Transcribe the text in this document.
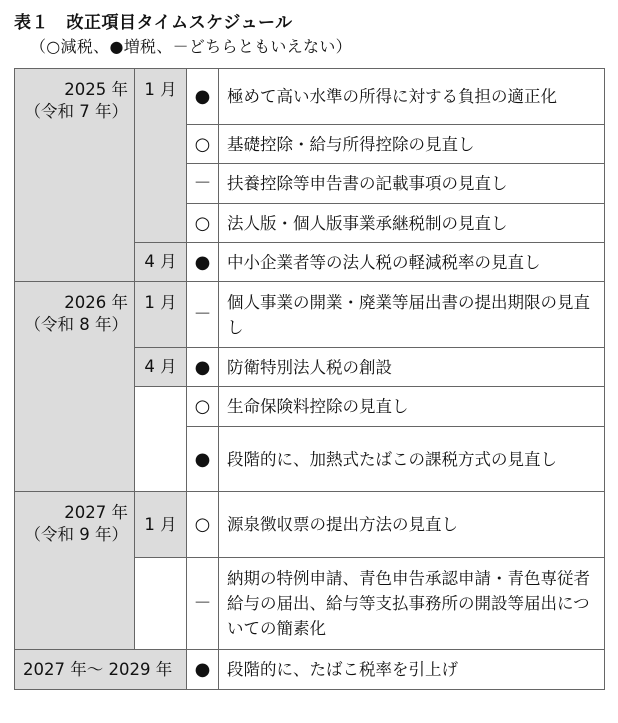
表１　改正項目タイムスケジュール
（○減税、●増税、－どちらともいえない）
2025 年
（令和 7 年）	1 月	●	極めて高い水準の所得に対する負担の適正化
		○	基礎控除・給与所得控除の見直し
		－	扶養控除等申告書の記載事項の見直し
		○	法人版・個人版事業承継税制の見直し
	4 月	●	中小企業者等の法人税の軽減税率の見直し

2026 年
（令和 8 年）	1 月	－	個人事業の開業・廃業等届出書の提出期限の見直し
	4 月	●	防衛特別法人税の創設
		○	生命保険料控除の見直し
		●	段階的に、加熱式たばこの課税方式の見直し

2027 年
（令和 9 年）	1 月	○	源泉徴収票の提出方法の見直し
		－	納期の特例申請、青色申告承認申請・青色専従者給与の届出、給与等支払事務所の開設等届出についての簡素化
2027 年～ 2029 年		●	段階的に、たばこ税率を引上げ
